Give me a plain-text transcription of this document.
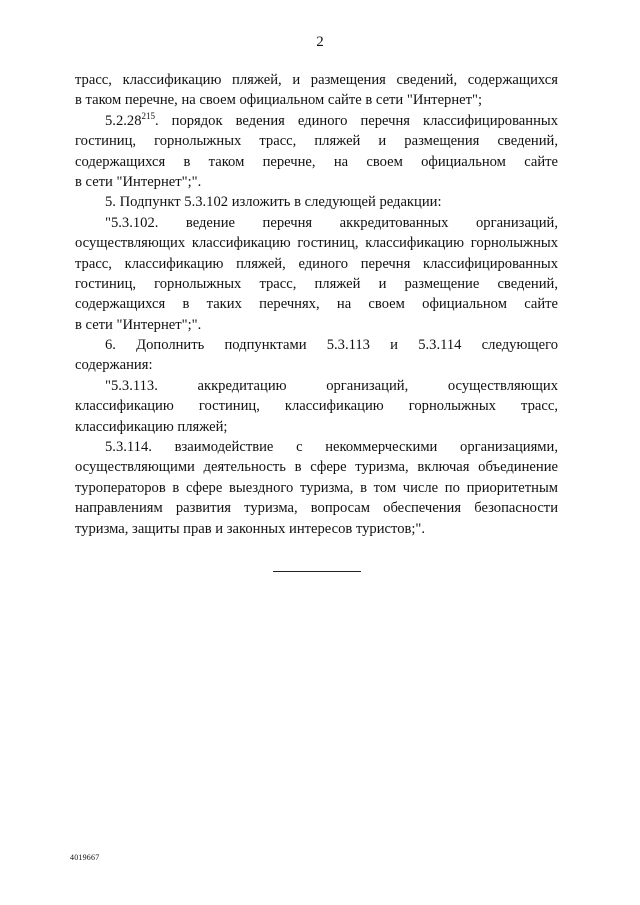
2
трасс, классификацию пляжей, и размещения сведений, содержащихся
в таком перечне, на своем официальном сайте в сети "Интернет";
5.2.28$^{215}$. порядок ведения единого перечня классифицированных
гостиниц, горнолыжных трасс, пляжей и размещения сведений,
содержащихся в таком перечне, на своем официальном сайте
в сети "Интернет";".
5. Подпункт 5.3.102 изложить в следующей редакции:
"5.3.102. ведение перечня аккредитованных организаций,
осуществляющих классификацию гостиниц, классификацию горнолыжных
трасс, классификацию пляжей, единого перечня классифицированных
гостиниц, горнолыжных трасс, пляжей и размещение сведений,
содержащихся в таких перечнях, на своем официальном сайте
в сети "Интернет";".
6. Дополнить подпунктами 5.3.113 и 5.3.114 следующего
содержания:
"5.3.113. аккредитацию организаций, осуществляющих
классификацию гостиниц, классификацию горнолыжных трасс,
классификацию пляжей;
5.3.114. взаимодействие с некоммерческими организациями,
осуществляющими деятельность в сфере туризма, включая объединение
туроператоров в сфере выездного туризма, в том числе по приоритетным
направлениям развития туризма, вопросам обеспечения безопасности
туризма, защиты прав и законных интересов туристов;".
4019667
